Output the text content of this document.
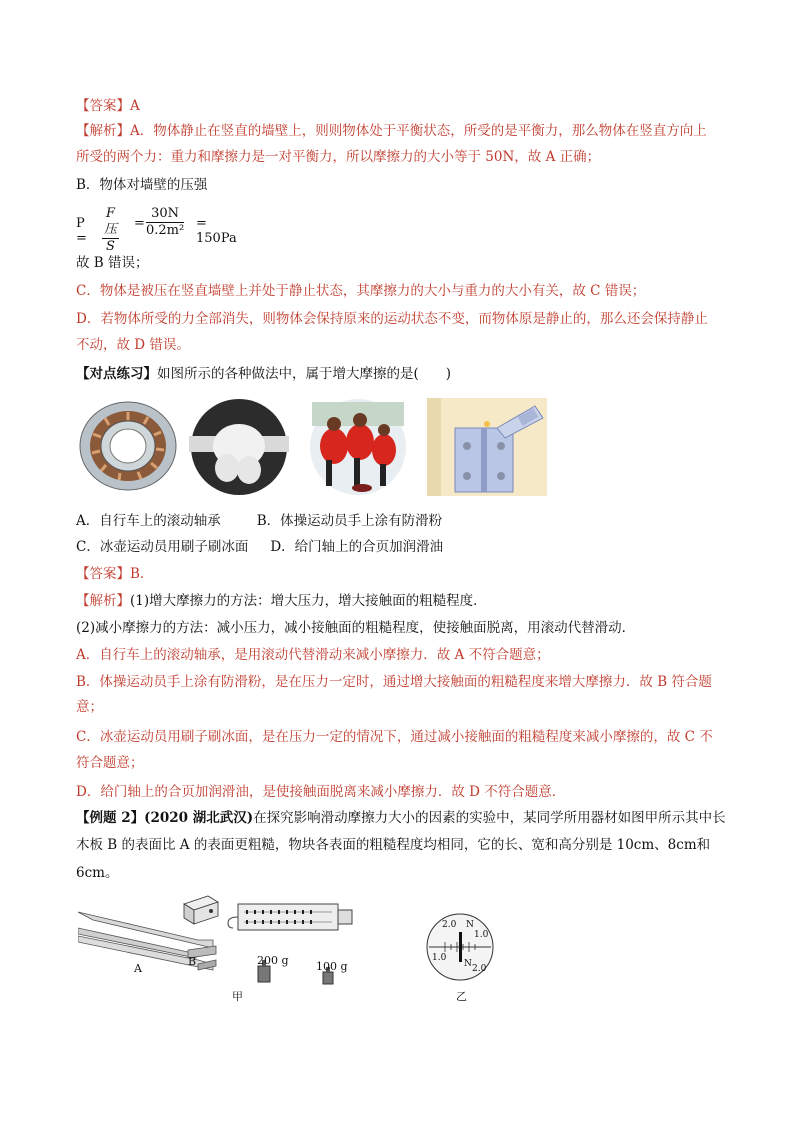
【答案】A
【解析】A．物体静止在竖直的墙壁上，则则物体处于平衡状态，所受的是平衡力，那么物体在竖直方向上
所受的两个力：重力和摩擦力是一对平衡力，所以摩擦力的大小等于 50N，故 A 正确；
B．物体对墙壁的压强
P =
F压
S
= $\frac{30N}{\text{0.2m²}} = 150Pa$
故 B 错误；
C．物体是被压在竖直墙壁上并处于静止状态，其摩擦力的大小与重力的大小有关，故 C 错误；
D．若物体所受的力全部消失，则物体会保持原来的运动状态不变，而物体原是静止的，那么还会保持静止
不动，故 D 错误。
【对点练习】如图所示的各种做法中，属于增大摩擦的是(　　)
A．自行车上的滚动轴承	B．体操运动员手上涂有防滑粉
C．冰壶运动员用刷子刷冰面 D．给门轴上的合页加润滑油
【答案】B．
【解析】(1)增大摩擦力的方法：增大压力，增大接触面的粗糙程度．
(2)减小摩擦力的方法：减小压力，减小接触面的粗糙程度，使接触面脱离，用滚动代替滑动．
A．自行车上的滚动轴承，是用滚动代替滑动来减小摩擦力．故 A 不符合题意；
B．体操运动员手上涂有防滑粉，是在压力一定时，通过增大接触面的粗糙程度来增大摩擦力．故 B 符合题
意；
C．冰壶运动员用刷子刷冰面，是在压力一定的情况下，通过减小接触面的粗糙程度来减小摩擦的，故 C 不
符合题意；
D．给门轴上的合页加润滑油，是使接触面脱离来减小摩擦力．故 D 不符合题意．
【例题 2】(2020 湖北武汉)在探究影响滑动摩擦力大小的因素的实验中，某同学所用器材如图甲所示其中长
木板 B 的表面比 A 的表面更粗糙，物块各表面的粗糙程度均相同，它的长、宽和高分别是 10cm、8cm和
6cm。
A
B	200 g 100 g
甲
2.0 N
1.0
1.0
N 2.0
乙
